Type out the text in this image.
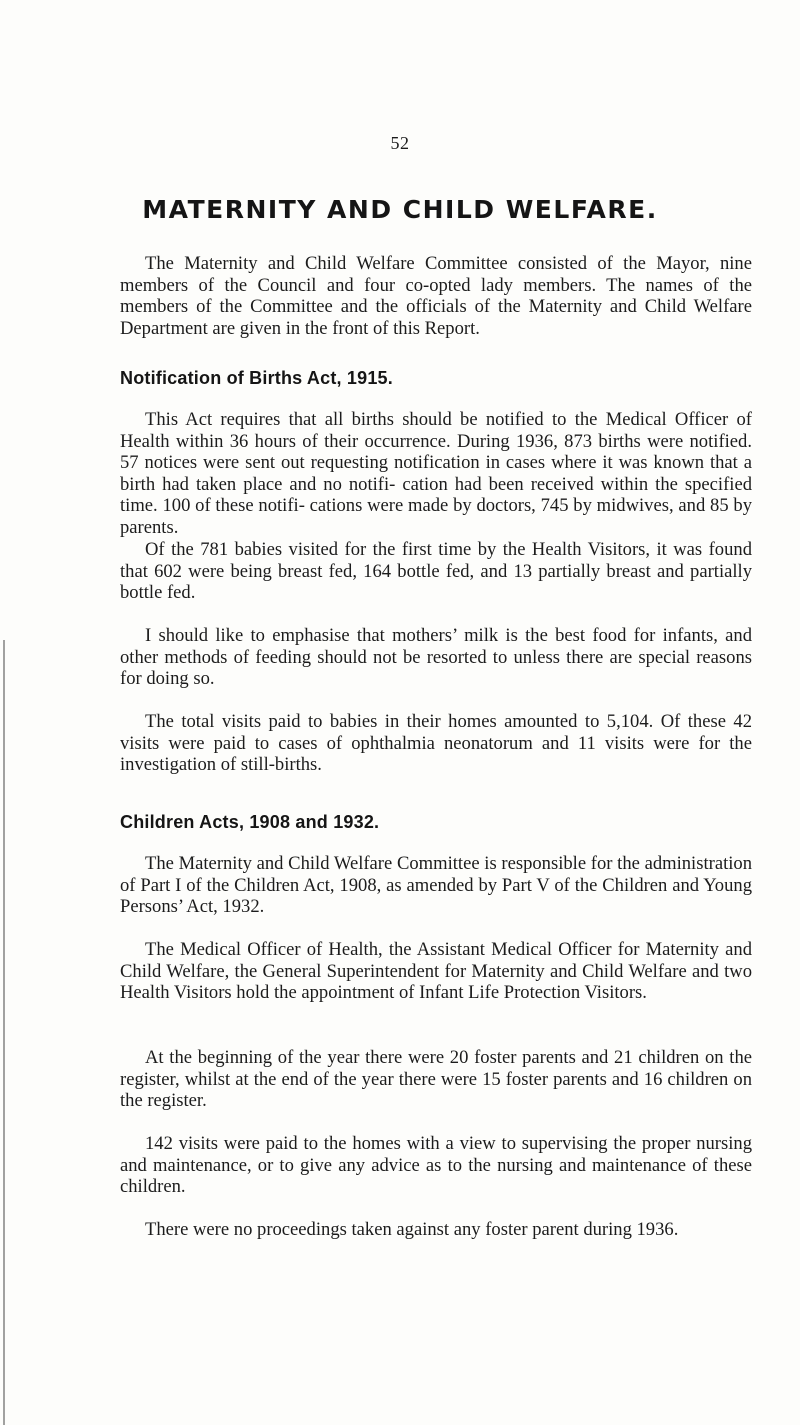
52
MATERNITY AND CHILD WELFARE.

The Maternity and Child Welfare Committee consisted of the Mayor, nine members of the Council and four co-opted lady members. The names of the members of the Committee and the officials of the Maternity and Child Welfare Department are given in the front of this Report.

Notification of Births Act, 1915.

This Act requires that all births should be notified to the Medical Officer of Health within 36 hours of their occurrence. During 1936, 873 births were notified. 57 notices were sent out requesting notification in cases where it was known that a birth had taken place and no notifi- cation had been received within the specified time. 100 of these notifi- cations were made by doctors, 745 by midwives, and 85 by parents.

Of the 781 babies visited for the first time by the Health Visitors, it was found that 602 were being breast fed, 164 bottle fed, and 13 partially breast and partially bottle fed.

I should like to emphasise that mothers’ milk is the best food for infants, and other methods of feeding should not be resorted to unless there are special reasons for doing so.

The total visits paid to babies in their homes amounted to 5,104. Of these 42 visits were paid to cases of ophthalmia neonatorum and 11 visits were for the investigation of still-births.

Children Acts, 1908 and 1932.

The Maternity and Child Welfare Committee is responsible for the administration of Part I of the Children Act, 1908, as amended by Part V of the Children and Young Persons’ Act, 1932.

The Medical Officer of Health, the Assistant Medical Officer for Maternity and Child Welfare, the General Superintendent for Maternity and Child Welfare and two Health Visitors hold the appointment of Infant Life Protection Visitors.

At the beginning of the year there were 20 foster parents and 21 children on the register, whilst at the end of the year there were 15 foster parents and 16 children on the register.

142 visits were paid to the homes with a view to supervising the proper nursing and maintenance, or to give any advice as to the nursing and maintenance of these children.

There were no proceedings taken against any foster parent during 1936.
